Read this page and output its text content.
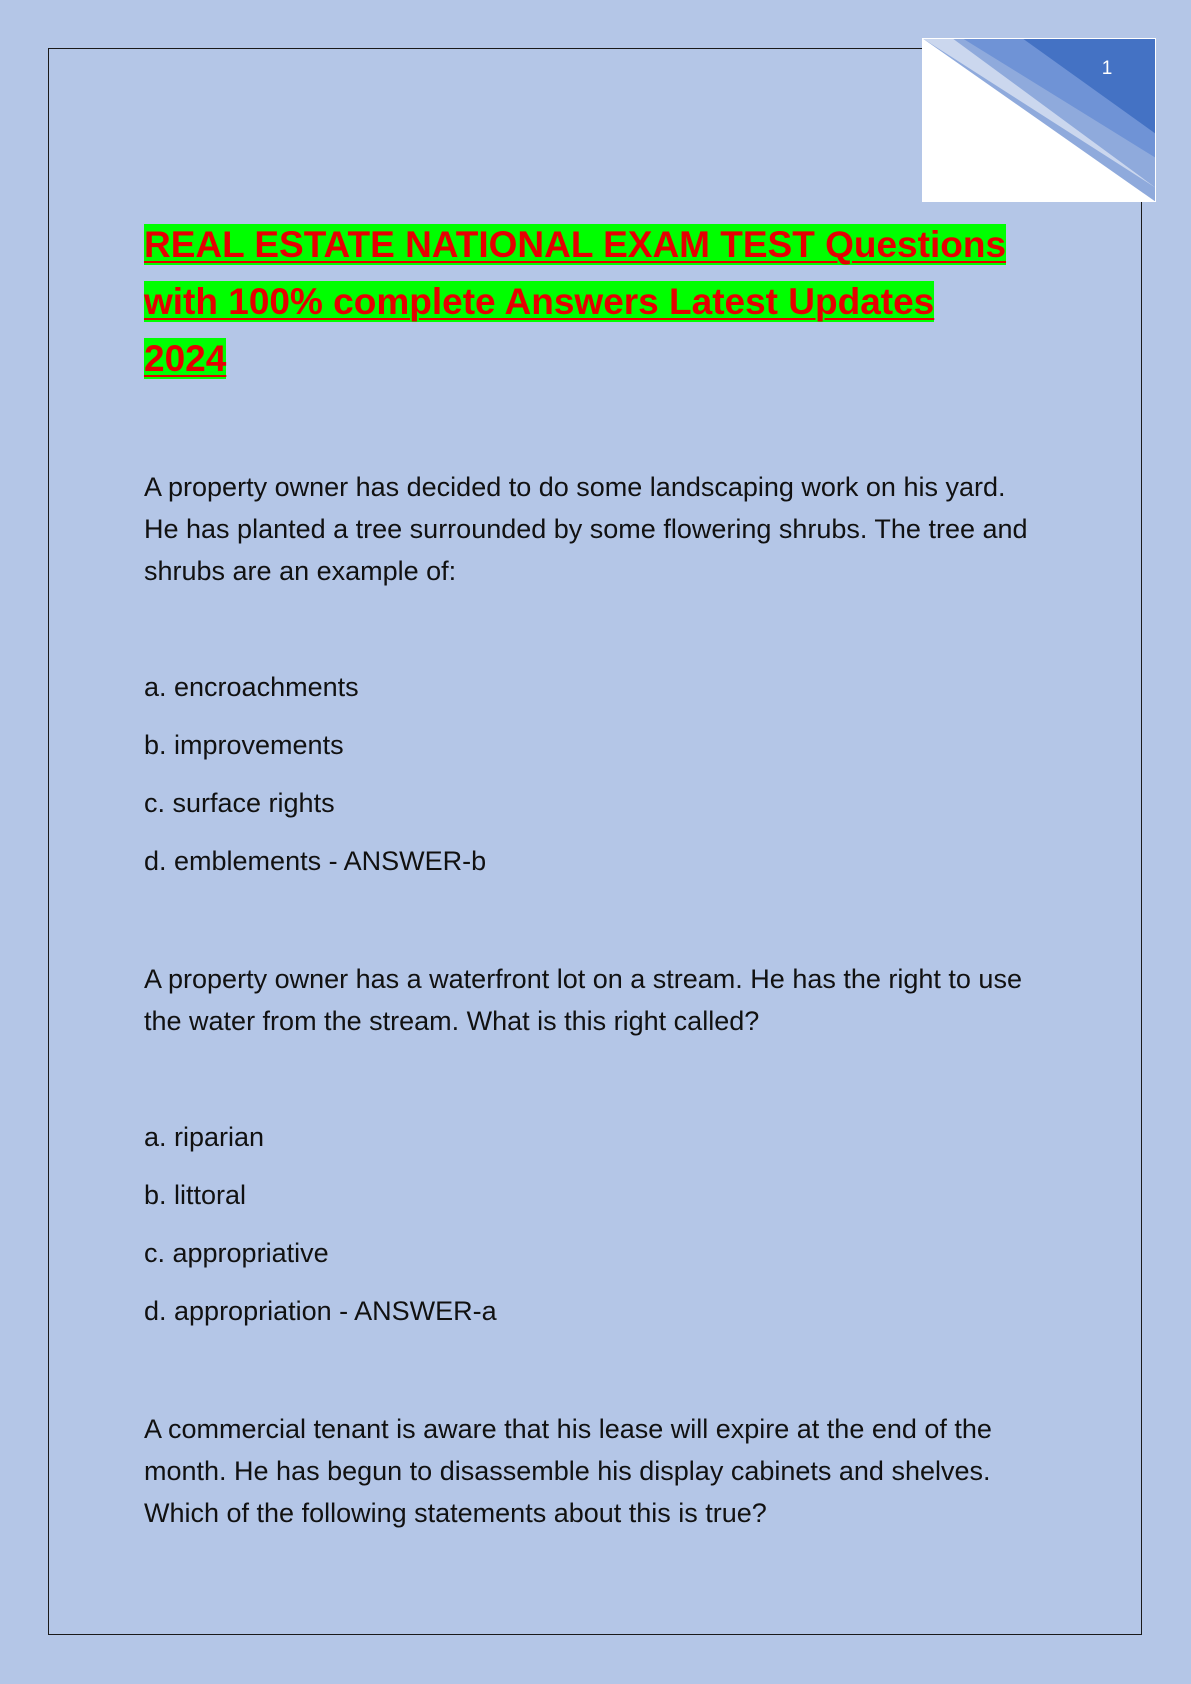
1
REAL ESTATE NATIONAL EXAM TEST Questions with 100% complete Answers Latest Updates 2024

A property owner has decided to do some landscaping work on his yard. He has planted a tree surrounded by some flowering shrubs. The tree and shrubs are an example of:

a. encroachments

b. improvements

c. surface rights

d. emblements - ANSWER-b

A property owner has a waterfront lot on a stream. He has the right to use the water from the stream. What is this right called?

a. riparian

b. littoral

c. appropriative

d. appropriation - ANSWER-a

A commercial tenant is aware that his lease will expire at the end of the month. He has begun to disassemble his display cabinets and shelves. Which of the following statements about this is true?
